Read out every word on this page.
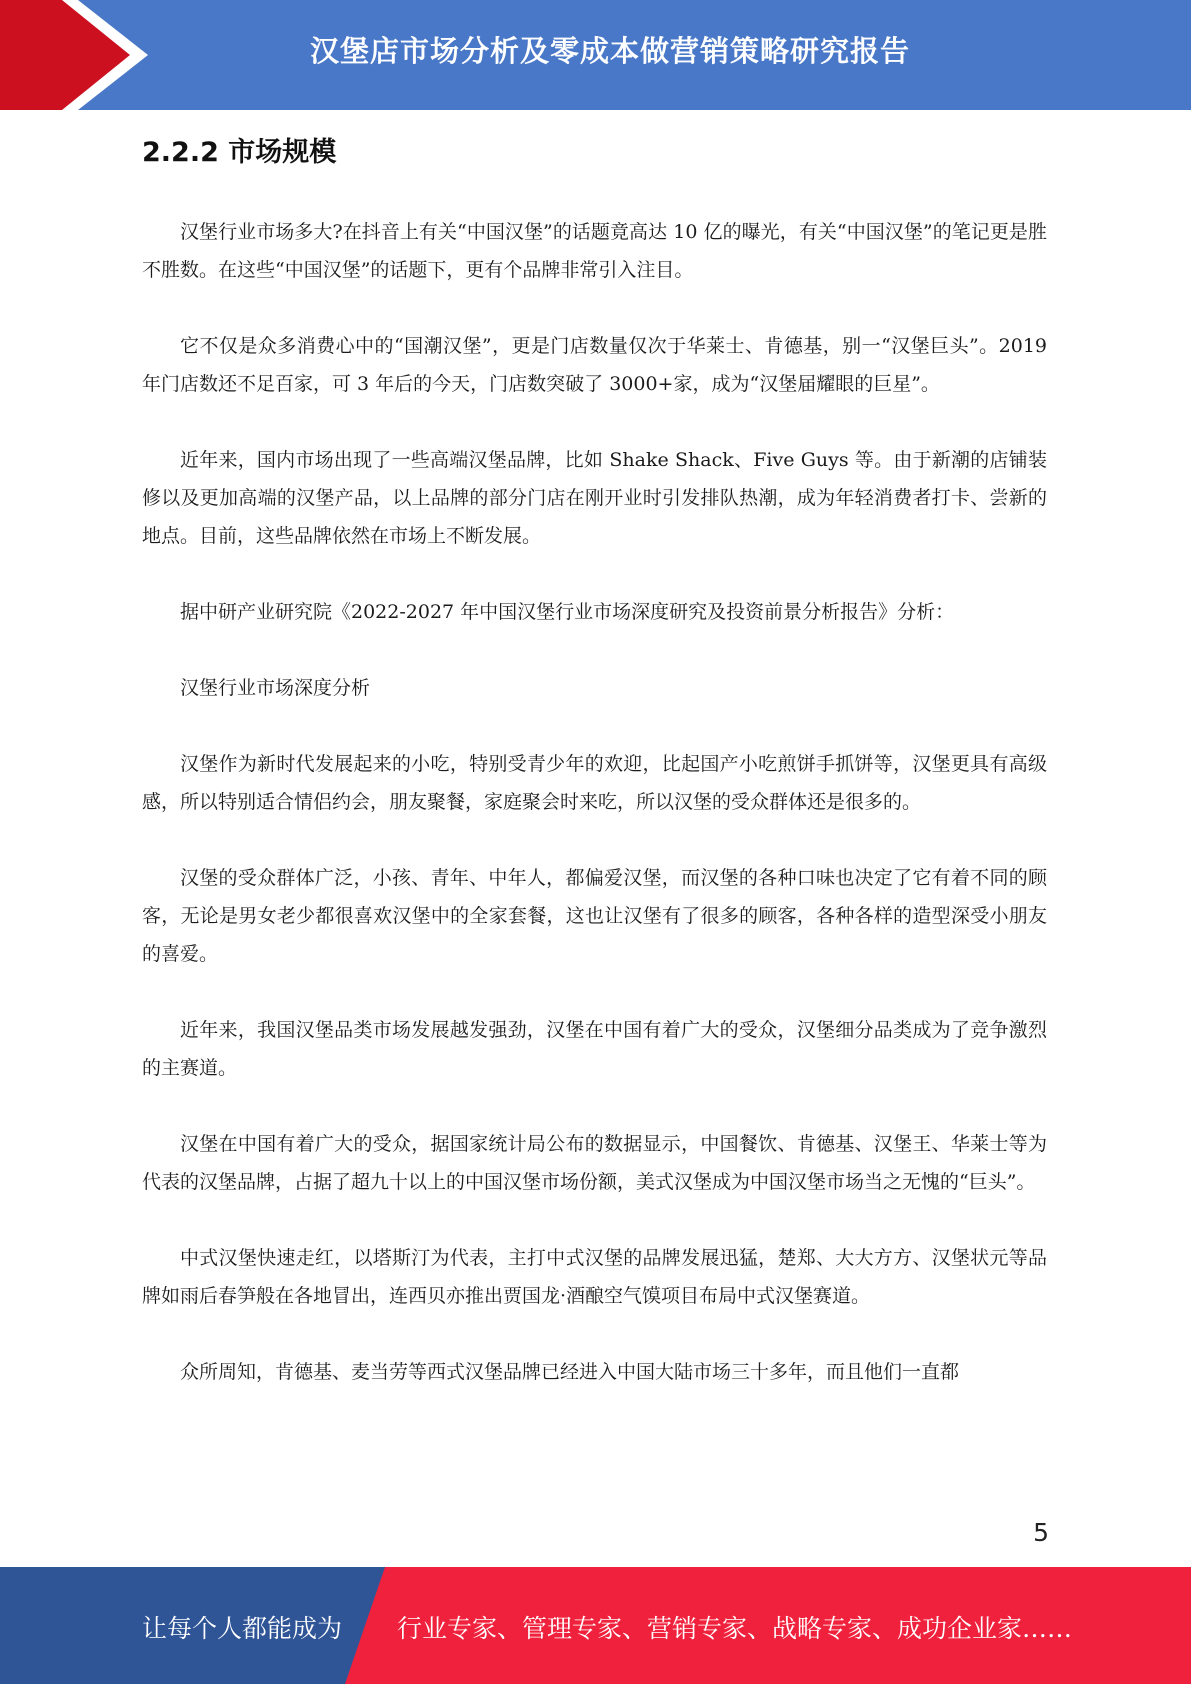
汉堡店市场分析及零成本做营销策略研究报告
2.2.2 市场规模

汉堡行业市场多大?在抖音上有关“中国汉堡”的话题竟高达 10 亿的曝光，有关“中国汉堡”的笔记更是胜不胜数。在这些“中国汉堡”的话题下，更有个品牌非常引入注目。

它不仅是众多消费心中的“国潮汉堡”，更是门店数量仅次于华莱士、肯德基，别一“汉堡巨头”。2019 年门店数还不足百家，可 3 年后的今天，门店数突破了 3000+家，成为“汉堡届耀眼的巨星”。

近年来，国内市场出现了一些高端汉堡品牌，比如 Shake Shack、Five Guys 等。由于新潮的店铺装修以及更加高端的汉堡产品，以上品牌的部分门店在刚开业时引发排队热潮，成为年轻消费者打卡、尝新的地点。目前，这些品牌依然在市场上不断发展。

据中研产业研究院《2022-2027 年中国汉堡行业市场深度研究及投资前景分析报告》分析：

汉堡行业市场深度分析

汉堡作为新时代发展起来的小吃，特别受青少年的欢迎，比起国产小吃煎饼手抓饼等，汉堡更具有高级感，所以特别适合情侣约会，朋友聚餐，家庭聚会时来吃，所以汉堡的受众群体还是很多的。

汉堡的受众群体广泛，小孩、青年、中年人，都偏爱汉堡，而汉堡的各种口味也决定了它有着不同的顾客，无论是男女老少都很喜欢汉堡中的全家套餐，这也让汉堡有了很多的顾客，各种各样的造型深受小朋友的喜爱。

近年来，我国汉堡品类市场发展越发强劲，汉堡在中国有着广大的受众，汉堡细分品类成为了竞争激烈的主赛道。

汉堡在中国有着广大的受众，据国家统计局公布的数据显示，中国餐饮、肯德基、汉堡王、华莱士等为代表的汉堡品牌，占据了超九十以上的中国汉堡市场份额，美式汉堡成为中国汉堡市场当之无愧的“巨头”。

中式汉堡快速走红，以塔斯汀为代表，主打中式汉堡的品牌发展迅猛，楚郑、大大方方、汉堡状元等品牌如雨后春笋般在各地冒出，连西贝亦推出贾国龙·酒酿空气馍项目布局中式汉堡赛道。

众所周知，肯德基、麦当劳等西式汉堡品牌已经进入中国大陆市场三十多年，而且他们一直都

5
让每个人都能成为 行业专家、管理专家、营销专家、战略专家、成功企业家……
